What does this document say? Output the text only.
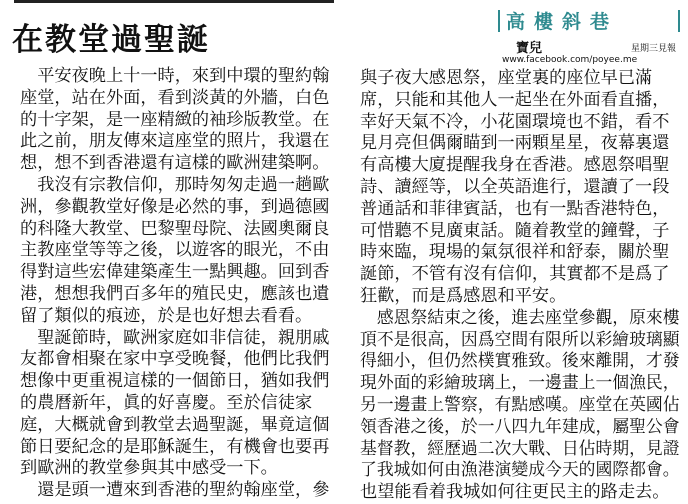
在教堂過聖誕	高樓斜巷
寶兒	星期三見報
www.facebook.com/poyee.me
　平安夜晚上十一時，來到中環的聖約翰
座堂，站在外面，看到淡黃的外牆，白色
的十字架，是一座精緻的袖珍版教堂。在
此之前，朋友傳來這座堂的照片，我還在
想，想不到香港還有這樣的歐洲建築啊。
　我沒有宗教信仰，那時匆匆走過一趟歐
洲，參觀教堂好像是必然的事，到過德國
的科隆大教堂、巴黎聖母院、法國奧爾良
主教座堂等等之後，以遊客的眼光，不由
得對這些宏偉建築產生一點興趣。回到香
港，想想我們百多年的殖民史，應該也遺
留了類似的痕迹，於是也好想去看看。
　聖誕節時，歐洲家庭如非信徒，親朋戚
友都會相聚在家中享受晚餐，他們比我們
想像中更重視這樣的一個節日，猶如我們
的農曆新年，眞的好喜慶。至於信徒家
庭，大概就會到教堂去過聖誕，畢竟這個
節日要紀念的是耶穌誕生，有機會也要再
到歐洲的教堂參與其中感受一下。
　還是頭一遭來到香港的聖約翰座堂，參
與子夜大感恩祭，座堂裏的座位早已滿
席，只能和其他人一起坐在外面看直播，
幸好天氣不冷，小花園環境也不錯，看不
見月亮但偶爾瞄到一兩顆星星，夜幕裏還
有高樓大廈提醒我身在香港。感恩祭唱聖
詩、讀經等，以全英語進行，還讀了一段
普通話和菲律賓話，也有一點香港特色，
可惜聽不見廣東話。隨着教堂的鐘聲，子
時來臨，現場的氣氛很祥和舒泰，關於聖
誕節，不管有沒有信仰，其實都不是爲了
狂歡，而是爲感恩和平安。
　感恩祭結束之後，進去座堂參觀，原來樓
頂不是很高，因爲空間有限所以彩繪玻璃顯
得細小，但仍然樸實雅致。後來離開，才發
現外面的彩繪玻璃上，一邊畫上一個漁民，
另一邊畫上警察，有點感嘆。座堂在英國佔
領香港之後，於一八四九年建成，屬聖公會
基督教，經歷過二次大戰、日佔時期，見證
了我城如何由漁港演變成今天的國際都會。
也望能看着我城如何往更民主的路走去。
